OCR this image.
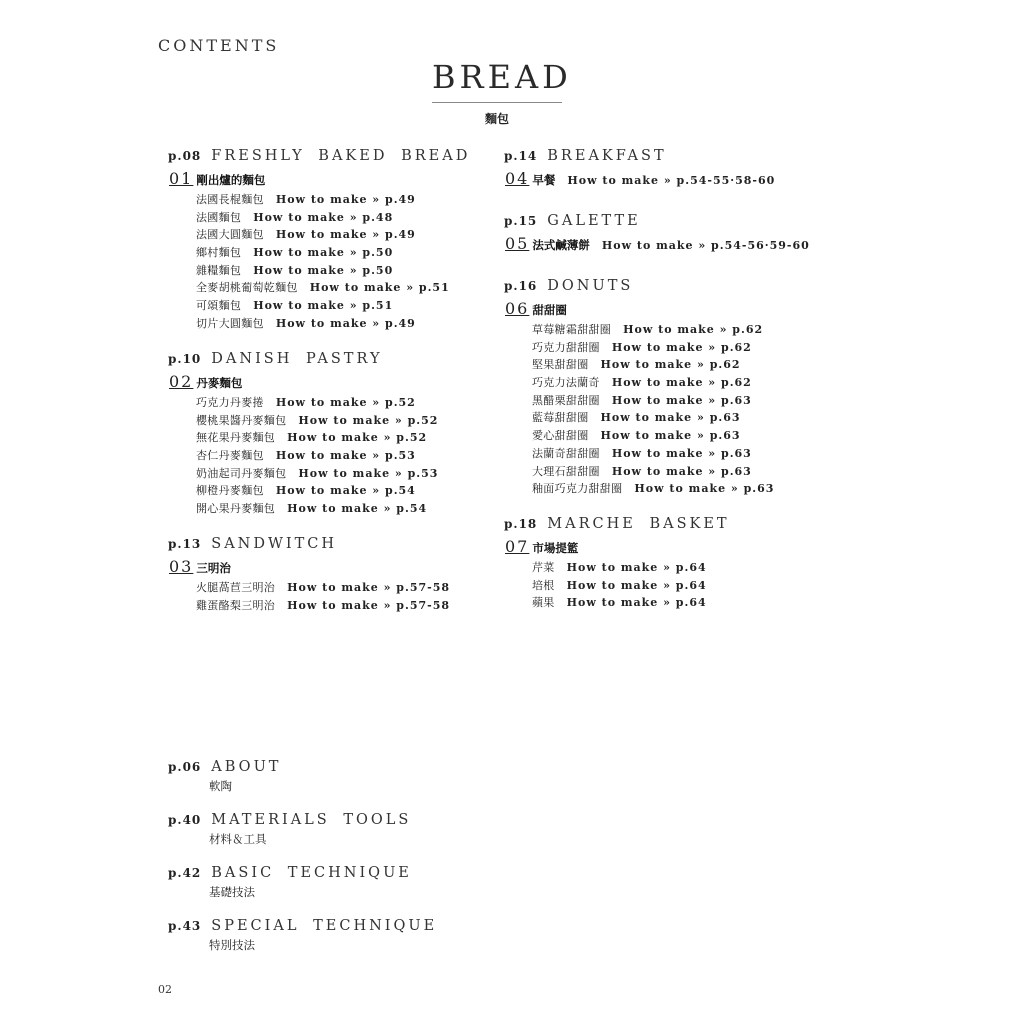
CONTENTS
BREAD
麵包
p.08 FRESHLY BAKED BREAD
01 剛出爐的麵包
法國長棍麵包 How to make » p.49
法國麵包 How to make » p.48
法國大圓麵包 How to make » p.49
鄉村麵包 How to make » p.50
雜糧麵包 How to make » p.50
全麥胡桃葡萄乾麵包 How to make » p.51
可頌麵包 How to make » p.51
切片大圓麵包 How to make » p.49
p.10 DANISH PASTRY
02 丹麥麵包
巧克力丹麥捲 How to make » p.52
櫻桃果醬丹麥麵包 How to make » p.52
無花果丹麥麵包 How to make » p.52
杏仁丹麥麵包 How to make » p.53
奶油起司丹麥麵包 How to make » p.53
柳橙丹麥麵包 How to make » p.54
開心果丹麥麵包 How to make » p.54
p.13 SANDWITCH
03 三明治
火腿萵苣三明治 How to make » p.57-58
雞蛋酪梨三明治 How to make » p.57-58
p.14 BREAKFAST
04 早餐 How to make » p.54-55·58-60
p.15 GALETTE
05 法式鹹薄餅 How to make » p.54-56·59-60
p.16 DONUTS
06 甜甜圈
草莓糖霜甜甜圈 How to make » p.62
巧克力甜甜圈 How to make » p.62
堅果甜甜圈 How to make » p.62
巧克力法蘭奇 How to make » p.62
黑醋栗甜甜圈 How to make » p.63
藍莓甜甜圈 How to make » p.63
愛心甜甜圈 How to make » p.63
法蘭奇甜甜圈 How to make » p.63
大理石甜甜圈 How to make » p.63
釉面巧克力甜甜圈 How to make » p.63
p.18 MARCHE BASKET
07 市場提籃
芹菜 How to make » p.64
培根 How to make » p.64
蘋果 How to make » p.64
p.06 ABOUT
軟陶
p.40 MATERIALS TOOLS
材料＆工具
p.42 BASIC TECHNIQUE
基礎技法
p.43 SPECIAL TECHNIQUE
特別技法
02
